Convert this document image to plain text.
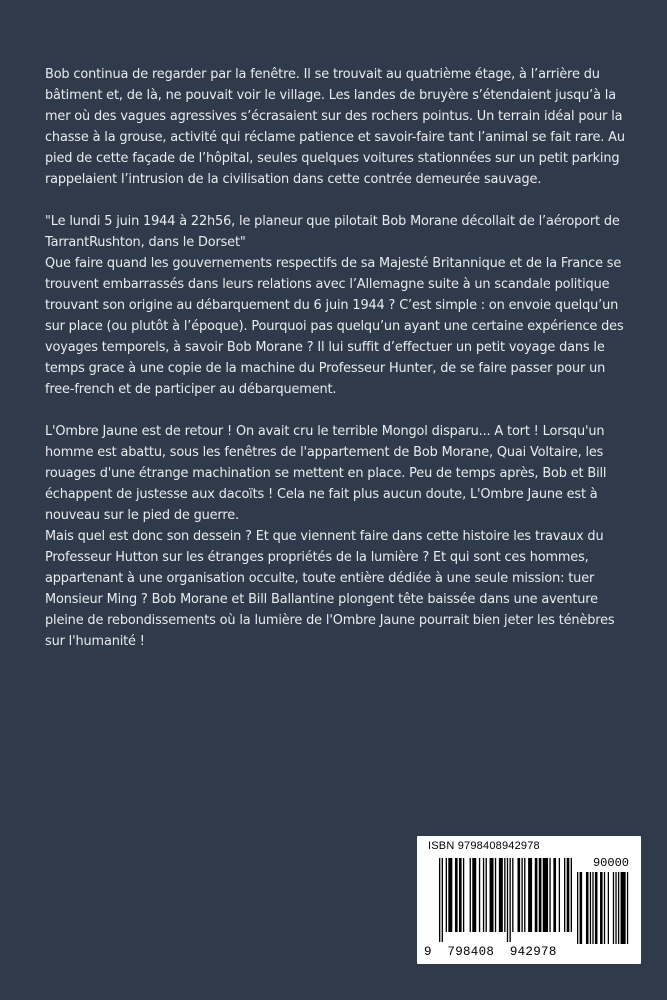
Bob continua de regarder par la fenêtre. Il se trouvait au quatrième étage, à l’arrière du bâtiment et, de là, ne pouvait voir le village. Les landes de bruyère s’étendaient jusqu’à la mer où des vagues agressives s’écrasaient sur des rochers pointus. Un terrain idéal pour la chasse à la grouse, activité qui réclame patience et savoir-faire tant l’animal se fait rare. Au pied de cette façade de l’hôpital, seules quelques voitures stationnées sur un petit parking rappelaient l’intrusion de la civilisation dans cette contrée demeurée sauvage.

"Le lundi 5 juin 1944 à 22h56, le planeur que pilotait Bob Morane décollait de l’aéroport de TarrantRushton, dans le Dorset"

Que faire quand les gouvernements respectifs de sa Majesté Britannique et de la France se trouvent embarrassés dans leurs relations avec l’Allemagne suite à un scandale politique trouvant son origine au débarquement du 6 juin 1944 ? C’est simple : on envoie quelqu’un sur place (ou plutôt à l’époque). Pourquoi pas quelqu’un ayant une certaine expérience des voyages temporels, à savoir Bob Morane ? Il lui suffit d’effectuer un petit voyage dans le temps grace à une copie de la machine du Professeur Hunter, de se faire passer pour un free-french et de participer au débarquement.

L'Ombre Jaune est de retour ! On avait cru le terrible Mongol disparu... A tort ! Lorsqu'un homme est abattu, sous les fenêtres de l'appartement de Bob Morane, Quai Voltaire, les rouages d'une étrange machination se mettent en place. Peu de temps après, Bob et Bill échappent de justesse aux dacoïts ! Cela ne fait plus aucun doute, L'Ombre Jaune est à nouveau sur le pied de guerre.

Mais quel est donc son dessein ? Et que viennent faire dans cette histoire les travaux du Professeur Hutton sur les étranges propriétés de la lumière ? Et qui sont ces hommes, appartenant à une organisation occulte, toute entière dédiée à une seule mission: tuer Monsieur Ming ? Bob Morane et Bill Ballantine plongent tête baissée dans une aventure pleine de rebondissements où la lumière de l'Ombre Jaune pourrait bien jeter les ténèbres sur l'humanité !

ISBN 9798408942978
90000
9  798408  942978
